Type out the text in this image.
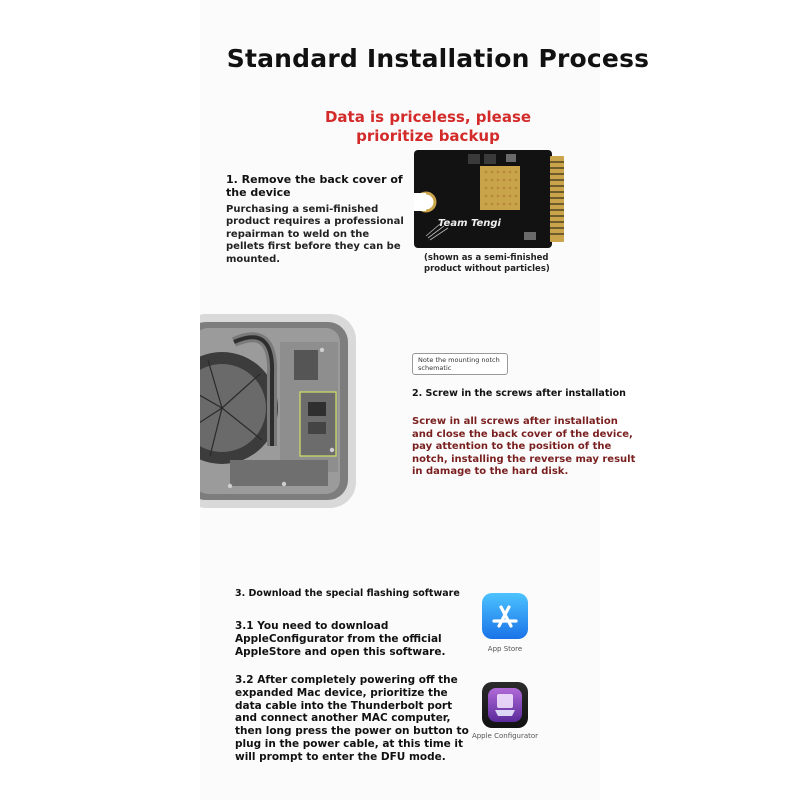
Standard Installation Process
Data is priceless, please prioritize backup
1. Remove the back cover of the device
Purchasing a semi-finished product requires a professional repairman to weld on the pellets first before they can be mounted.
Team Tengi
(shown as a semi-finished product without particles)
Note the mounting notch schematic
2. Screw in the screws after installation
Screw in all screws after installation and close the back cover of the device, pay attention to the position of the notch, installing the reverse may result in damage to the hard disk.
3. Download the special flashing software
3.1 You need to download AppleConfigurator from the official AppleStore and open this software.
3.2 After completely powering off the expanded Mac device, prioritize the data cable into the Thunderbolt port and connect another MAC computer, then long press the power on button to plug in the power cable, at this time it will prompt to enter the DFU mode.
App Store
Apple Configurator
